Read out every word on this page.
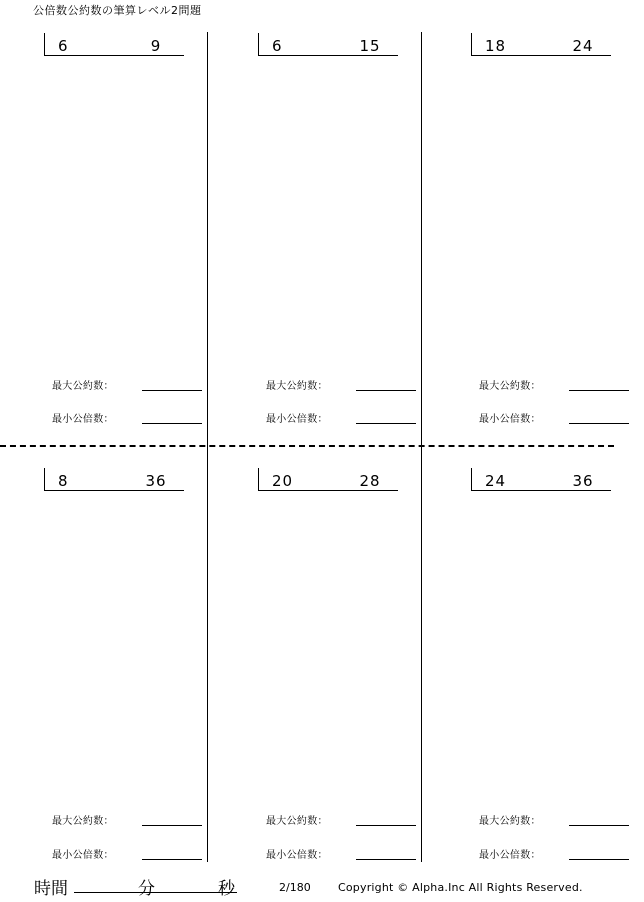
公倍数公約数の筆算レベル2問題
6	9
最大公約数：
最小公倍数：
6	15
最大公約数：
最小公倍数：
18	24
最大公約数：
最小公倍数：
8	36
最大公約数：
最小公倍数：
20	28
最大公約数：
最小公倍数：
24	36
最大公約数：
最小公倍数：
時間	分	秒	2/180 Copyright © Alpha.Inc All Rights Reserved.
